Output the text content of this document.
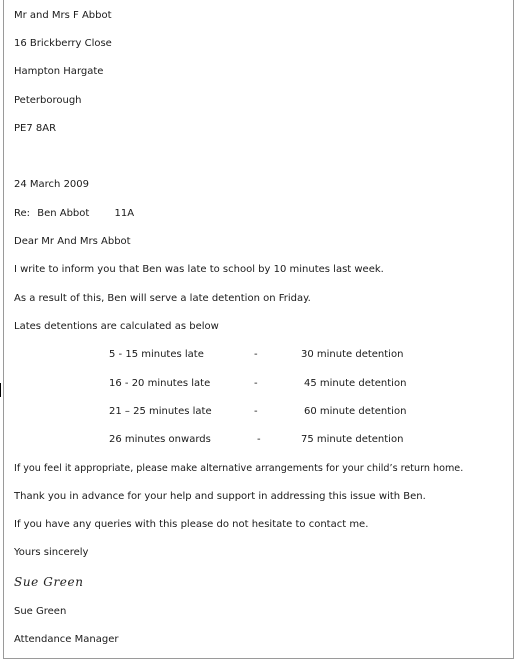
Mr and Mrs F Abbot
16 Brickberry Close
Hampton Hargate
Peterborough
PE7 8AR
24 March 2009
Re: Ben Abbot	11A
Dear Mr And Mrs Abbot
I write to inform you that Ben was late to school by 10 minutes last week.
As a result of this, Ben will serve a late detention on Friday.
Lates detentions are calculated as below
5 - 15 minutes late	-	30 minute detention
16 - 20 minutes late	-	45 minute detention
21 – 25 minutes late	-	60 minute detention
26 minutes onwards	-	75 minute detention
If you feel it appropriate, please make alternative arrangements for your child’s return home.
Thank you in advance for your help and support in addressing this issue with Ben.
If you have any queries with this please do not hesitate to contact me.
Yours sincerely
Sue Green
Sue Green
Attendance Manager
